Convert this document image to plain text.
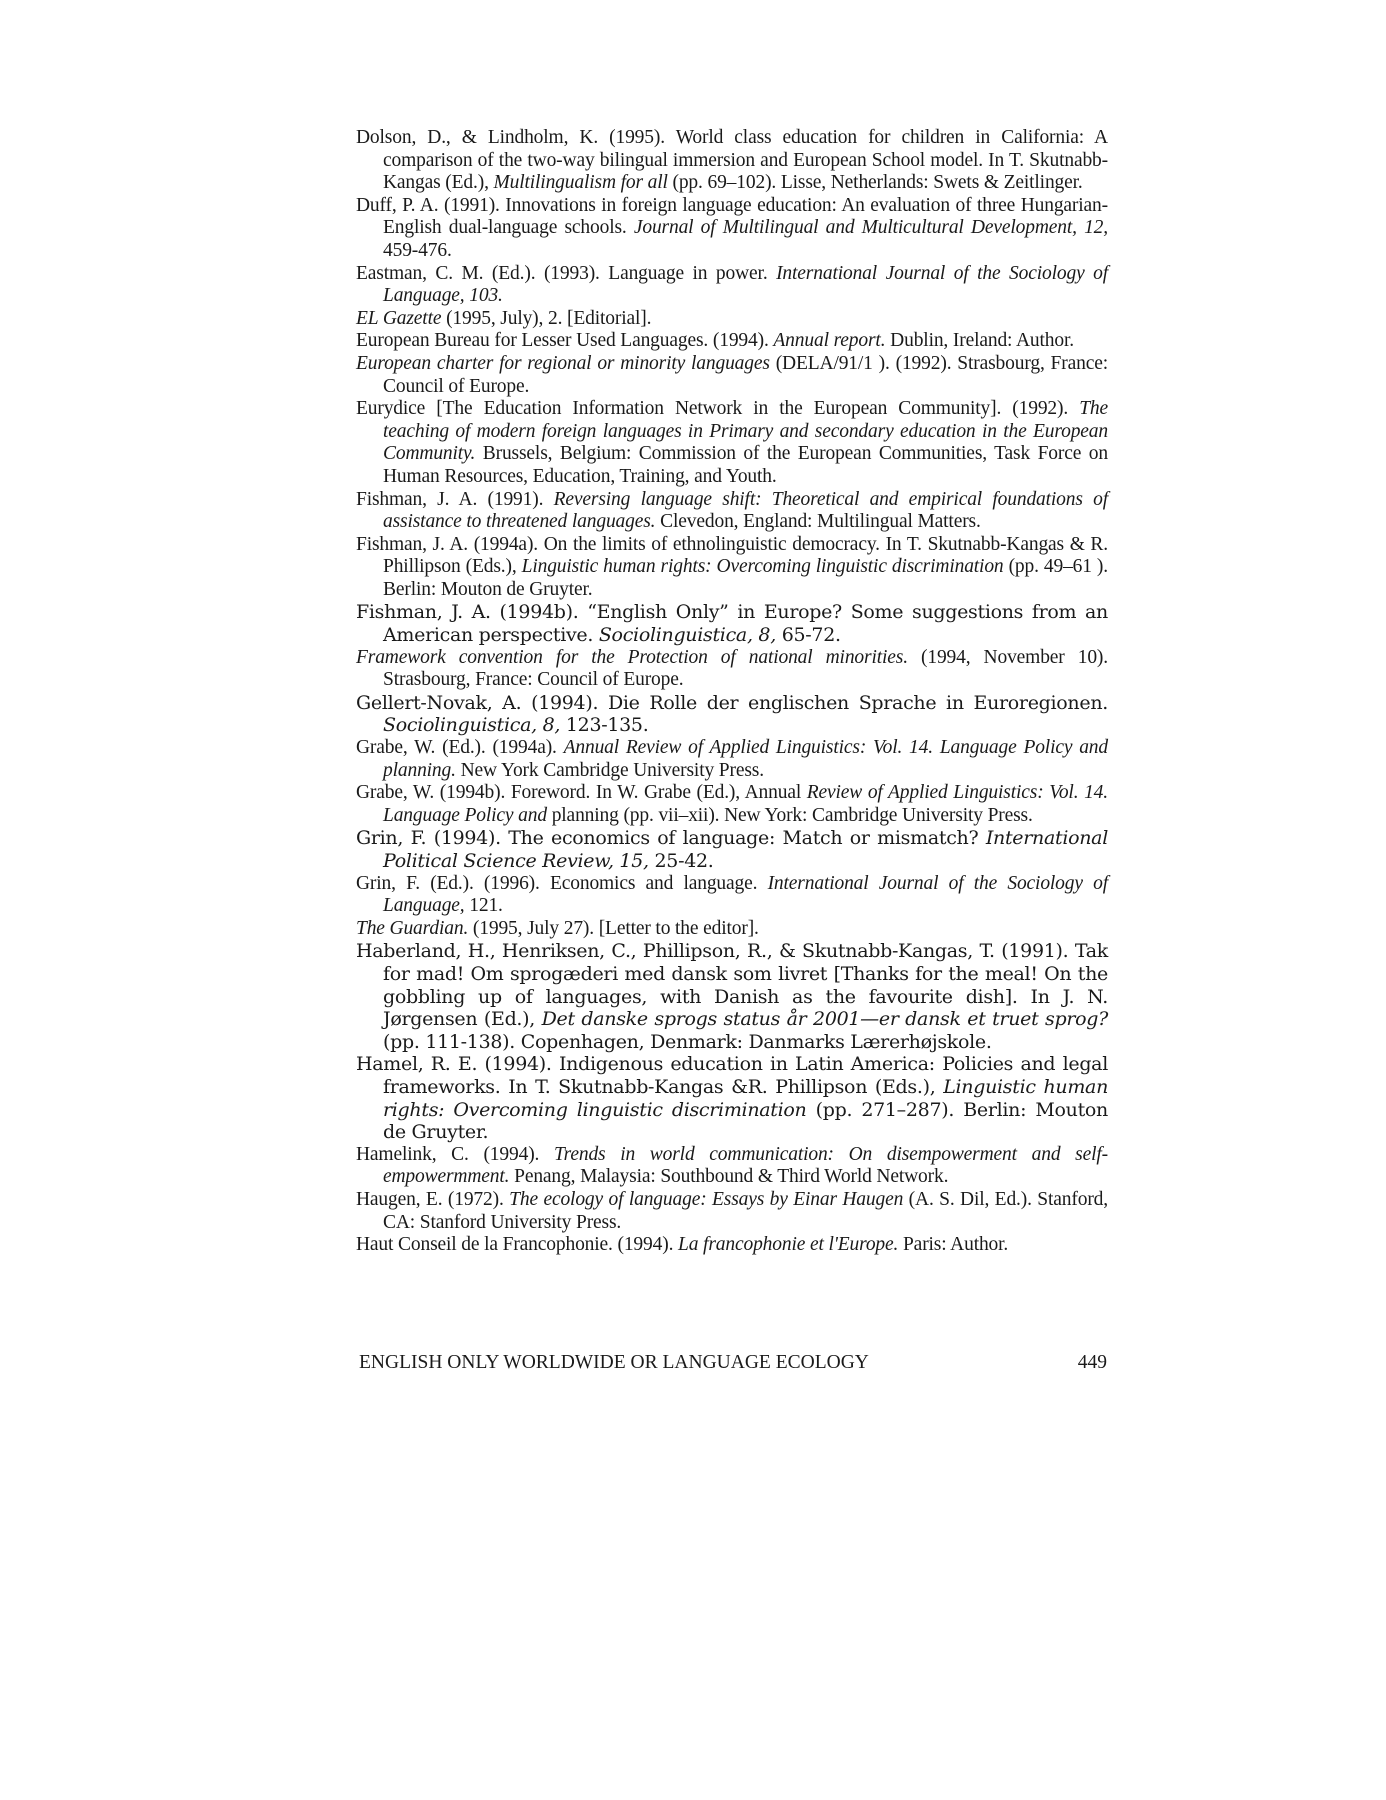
Dolson, D., & Lindholm, K. (1995). World class education for children in California: A comparison of the two-way bilingual immersion and European School model. In T. Skutnabb-Kangas (Ed.), Multilingualism for all (pp. 69–102). Lisse, Netherlands: Swets & Zeitlinger.
Duff, P. A. (1991). Innovations in foreign language education: An evaluation of three Hungarian-English dual-language schools. Journal of Multilingual and Multicultural Development, 12, 459-476.
Eastman, C. M. (Ed.). (1993). Language in power. International Journal of the Sociology of Language, 103.
EL Gazette (1995, July), 2. [Editorial].
European Bureau for Lesser Used Languages. (1994). Annual report. Dublin, Ireland: Author.
European charter for regional or minority languages (DELA/91/1 ). (1992). Strasbourg, France: Council of Europe.
Eurydice [The Education Information Network in the European Community]. (1992). The teaching of modern foreign languages in Primary and secondary education in the European Community. Brussels, Belgium: Commission of the European Communities, Task Force on Human Resources, Education, Training, and Youth.
Fishman, J. A. (1991). Reversing language shift: Theoretical and empirical foundations of assistance to threatened languages. Clevedon, England: Multilingual Matters.
Fishman, J. A. (1994a). On the limits of ethnolinguistic democracy. In T. Skutnabb-Kangas & R. Phillipson (Eds.), Linguistic human rights: Overcoming linguistic discrimination (pp. 49–61 ). Berlin: Mouton de Gruyter.
Fishman, J. A. (1994b). “English Only” in Europe? Some suggestions from an American perspective. Sociolinguistica, 8, 65-72.
Framework convention for the Protection of national minorities. (1994, November 10). Strasbourg, France: Council of Europe.
Gellert-Novak, A. (1994). Die Rolle der englischen Sprache in Euroregionen. Sociolinguistica, 8, 123-135.
Grabe, W. (Ed.). (1994a). Annual Review of Applied Linguistics: Vol. 14. Language Policy and planning. New York Cambridge University Press.
Grabe, W. (1994b). Foreword. In W. Grabe (Ed.), Annual Review of Applied Linguistics: Vol. 14. Language Policy and planning (pp. vii–xii). New York: Cambridge University Press.
Grin, F. (1994). The economics of language: Match or mismatch? International Political Science Review, 15, 25-42.
Grin, F. (Ed.). (1996). Economics and language. International Journal of the Sociology of Language, 121.
The Guardian. (1995, July 27). [Letter to the editor].
Haberland, H., Henriksen, C., Phillipson, R., & Skutnabb-Kangas, T. (1991). Tak for mad! Om sprogæderi med dansk som livret [Thanks for the meal! On the gobbling up of languages, with Danish as the favourite dish]. In J. N. Jørgensen (Ed.), Det danske sprogs status år 2001—er dansk et truet sprog? (pp. 111-138). Copenhagen, Denmark: Danmarks Lærerhøjskole.
Hamel, R. E. (1994). Indigenous education in Latin America: Policies and legal frameworks. In T. Skutnabb-Kangas &R. Phillipson (Eds.), Linguistic human rights: Overcoming linguistic discrimination (pp. 271–287). Berlin: Mouton de Gruyter.
Hamelink, C. (1994). Trends in world communication: On disempowerment and self-empowermment. Penang, Malaysia: Southbound & Third World Network.
Haugen, E. (1972). The ecology of language: Essays by Einar Haugen (A. S. Dil, Ed.). Stanford, CA: Stanford University Press.
Haut Conseil de la Francophonie. (1994). La francophonie et l'Europe. Paris: Author.
ENGLISH ONLY WORLDWIDE OR LANGUAGE ECOLOGY	449
